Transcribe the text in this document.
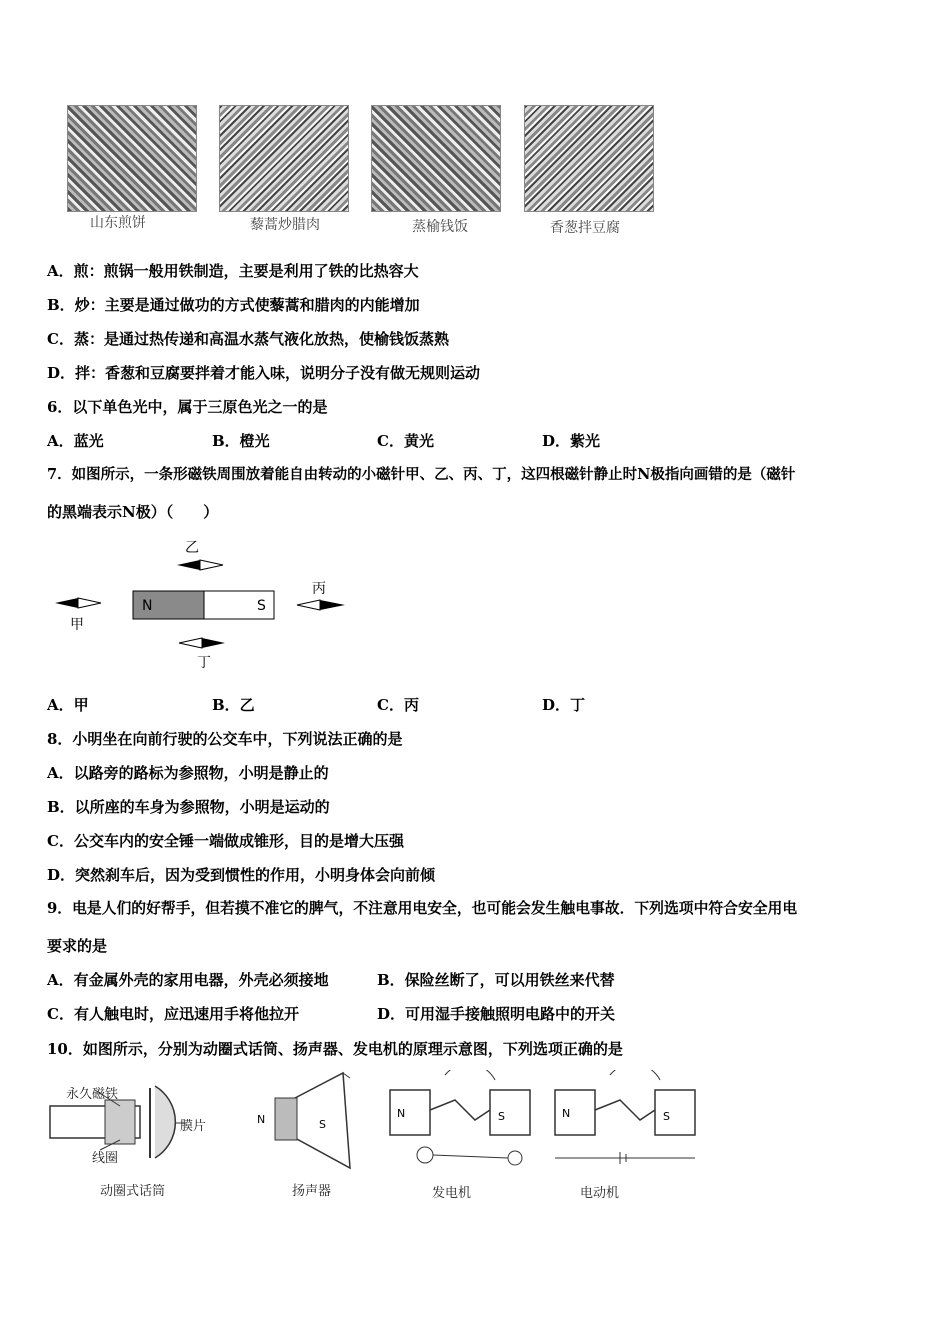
山东煎饼	藜蒿炒腊肉	蒸榆钱饭	香葱拌豆腐
A．煎：煎锅一般用铁制造，主要是利用了铁的比热容大
B．炒：主要是通过做功的方式使藜蒿和腊肉的内能增加
C．蒸：是通过热传递和高温水蒸气液化放热，使榆钱饭蒸熟
D．拌：香葱和豆腐要拌着才能入味，说明分子没有做无规则运动
6．以下单色光中，属于三原色光之一的是
A．蓝光	B．橙光	C．黄光	D．紫光
7．如图所示，一条形磁铁周围放着能自由转动的小磁针甲、乙、丙、丁，这四根磁针静止时N极指向画错的是（磁针
的黑端表示N极）（　　）
N	S
乙
甲
丙
丁
A．甲	B．乙	C．丙	D．丁
8．小明坐在向前行驶的公交车中，下列说法正确的是
A．以路旁的路标为参照物，小明是静止的
B．以所座的车身为参照物，小明是运动的
C．公交车内的安全锤一端做成锥形，目的是增大压强
D．突然刹车后，因为受到惯性的作用，小明身体会向前倾
9．电是人们的好帮手，但若摸不准它的脾气，不注意用电安全，也可能会发生触电事故．下列选项中符合安全用电
要求的是
A．有金属外壳的家用电器，外壳必须接地	B．保险丝断了，可以用铁丝来代替
C．有人触电时，应迅速用手将他拉开	D．可用湿手接触照明电路中的开关
10．如图所示，分别为动圈式话筒、扬声器、发电机的原理示意图，下列选项正确的是
永久磁铁
膜片
线圈
动圈式话筒
N	S
扬声器
N	S
发电机
N	S
电动机
